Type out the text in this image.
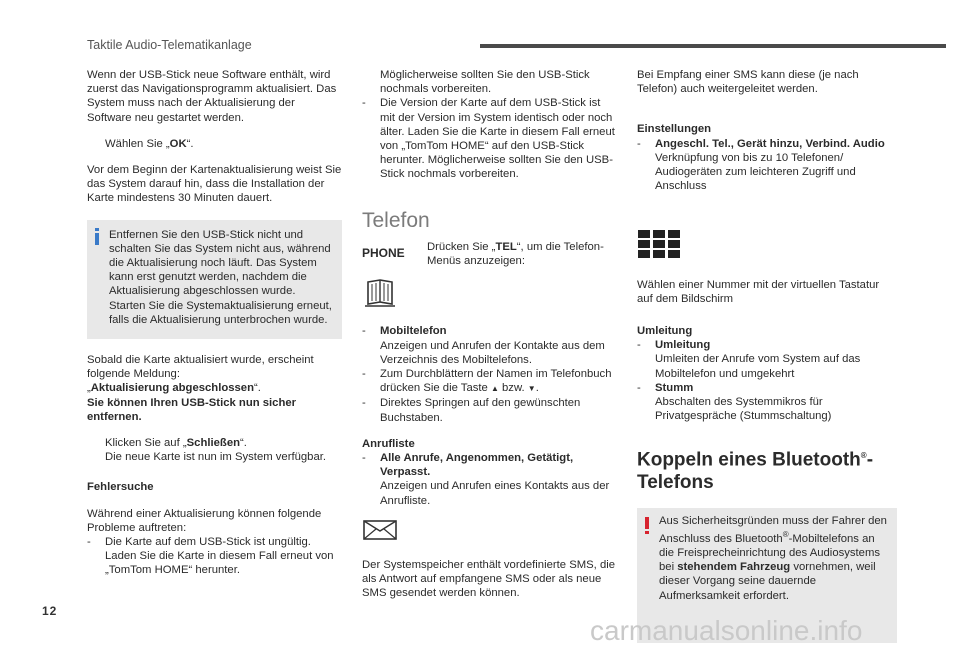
Taktile Audio-Telematikanlage

Wenn der USB-Stick neue Software enthält, wird zuerst das Navigationsprogramm aktualisiert. Das System muss nach der Aktualisierung der Software neu gestartet werden.

Wählen Sie „OK“.

Vor dem Beginn der Kartenaktualisierung weist Sie das System darauf hin, dass die Installation der Karte mindestens 30 Minuten dauert.

Entfernen Sie den USB-Stick nicht und schalten Sie das System nicht aus, während die Aktualisierung noch läuft. Das System kann erst genutzt werden, nachdem die Aktualisierung abgeschlossen wurde. Starten Sie die Systemaktualisierung erneut, falls die Aktualisierung unterbrochen wurde.

Sobald die Karte aktualisiert wurde, erscheint folgende Meldung:
„Aktualisierung abgeschlossen“.
Sie können Ihren USB-Stick nun sicher entfernen.

Klicken Sie auf „Schließen“.
Die neue Karte ist nun im System verfügbar.

Fehlersuche

Während einer Aktualisierung können folgende Probleme auftreten:

-	Die Karte auf dem USB-Stick ist ungültig. Laden Sie die Karte in diesem Fall erneut von „TomTom HOME“ herunter.
Möglicherweise sollten Sie den USB-Stick nochmals vorbereiten.
-	Die Version der Karte auf dem USB-Stick ist mit der Version im System identisch oder noch älter. Laden Sie die Karte in diesem Fall erneut von „TomTom HOME“ auf den USB-Stick herunter. Möglicherweise sollten Sie den USB-Stick nochmals vorbereiten.
Telefon
PHONE	Drücken Sie „TEL“, um die Telefon-Menüs anzuzeigen:
-	Mobiltelefon
Anzeigen und Anrufen der Kontakte aus dem Verzeichnis des Mobiltelefons.
-	Zum Durchblättern der Namen im Telefonbuch drücken Sie die Taste ▲ bzw. ▼.
-	Direktes Springen auf den gewünschten Buchstaben.

Anrufliste

-	Alle Anrufe, Angenommen, Getätigt, Verpasst.
Anzeigen und Anrufen eines Kontakts aus der Anrufliste.

Der Systemspeicher enthält vordefinierte SMS, die als Antwort auf empfangene SMS oder als neue SMS gesendet werden können.

Bei Empfang einer SMS kann diese (je nach Telefon) auch weitergeleitet werden.

Einstellungen

-	Angeschl. Tel., Gerät hinzu, Verbind. Audio
Verknüpfung von bis zu 10 Telefonen/ Audiogeräten zum leichteren Zugriff und Anschluss

Wählen einer Nummer mit der virtuellen Tastatur auf dem Bildschirm

Umleitung

-	Umleitung
Umleiten der Anrufe vom System auf das Mobiltelefon und umgekehrt
-	Stumm
Abschalten des Systemmikros für Privatgespräche (Stummschaltung)
Koppeln eines Bluetooth®-Telefons
Aus Sicherheitsgründen muss der Fahrer den Anschluss des Bluetooth®-Mobiltelefons an die Freisprecheinrichtung des Audiosystems bei stehendem Fahrzeug vornehmen, weil dieser Vorgang seine dauernde Aufmerksamkeit erfordert.
12
carmanualsonline.info
